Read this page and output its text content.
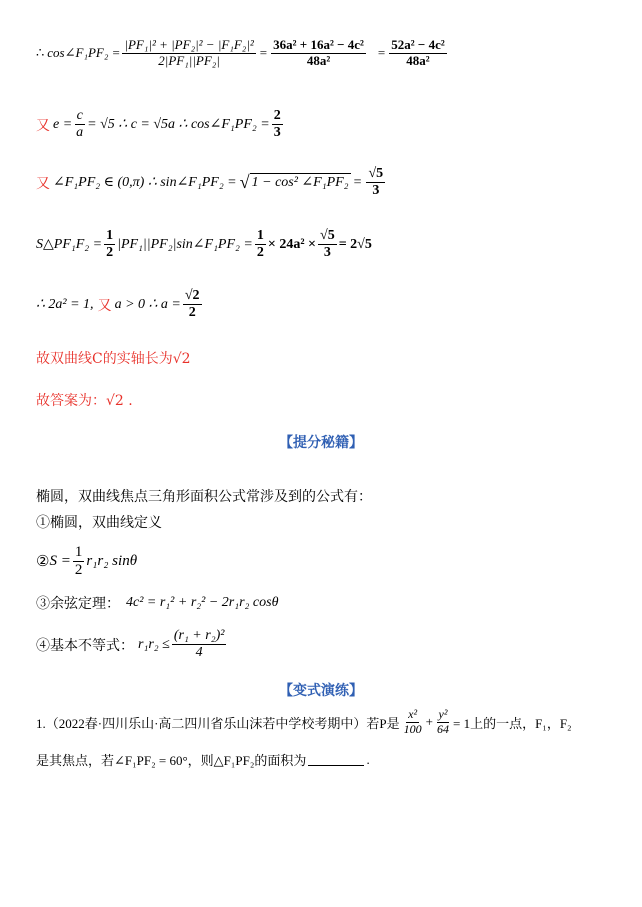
∴ cos∠F₁PF₂ = $\frac{\text{|PF₁|² + |PF₂|² − |F₁F₂|²}}{\text{2|PF₁||PF₂|}} = \frac{\text{36a² + 16a² − 4c²}}{\text{48a²}} = \frac{\text{52a² − 4c²}}{\text{48a²}}$
又 $e = \frac{c}{a} = √5$ ∴ c = √5a ∴ cos∠F₁PF₂ = $\frac{2}{3}$
又 ∠F₁PF₂ ∈ (0,π) ∴ sin∠F₁PF₂ = √ 1 − cos² ∠F₁PF₂ = $\frac{√5}{3}$
S△PF₁F₂ = $\frac{1}{2}$ |PF₁||PF₂|sin∠F₁PF₂ = $\frac{1}{2} \times 24a^2 \times \frac{√5}{3} = 2√5$
∴ 2a² = 1, 又 a > 0 ∴ $a = \frac{√2}{2}$
故双曲线C的实轴长为√2
故答案为：√2 .
【提分秘籍】
椭圆，双曲线焦点三角形面积公式常涉及到的公式有：
①椭圆，双曲线定义
② $S = \frac{1}{2} r_1r_2$ sinθ
③余弦定理： 4c² = r₁² + r₂² − 2r₁r₂ cosθ
④基本不等式： $r_1r_2 \le \frac{\text{(r₁ + r₂)²}}{4}$
【变式演练】
1.（2022春·四川乐山·高二四川省乐山沫若中学校考期中）若P是 $\frac{\text{x²}}{100} + \frac{\text{y²}}{64} = 1$上的一点，F₁，F₂
是其焦点，若∠F₁PF₂ = 60°，则△F₁PF₂的面积为	.
